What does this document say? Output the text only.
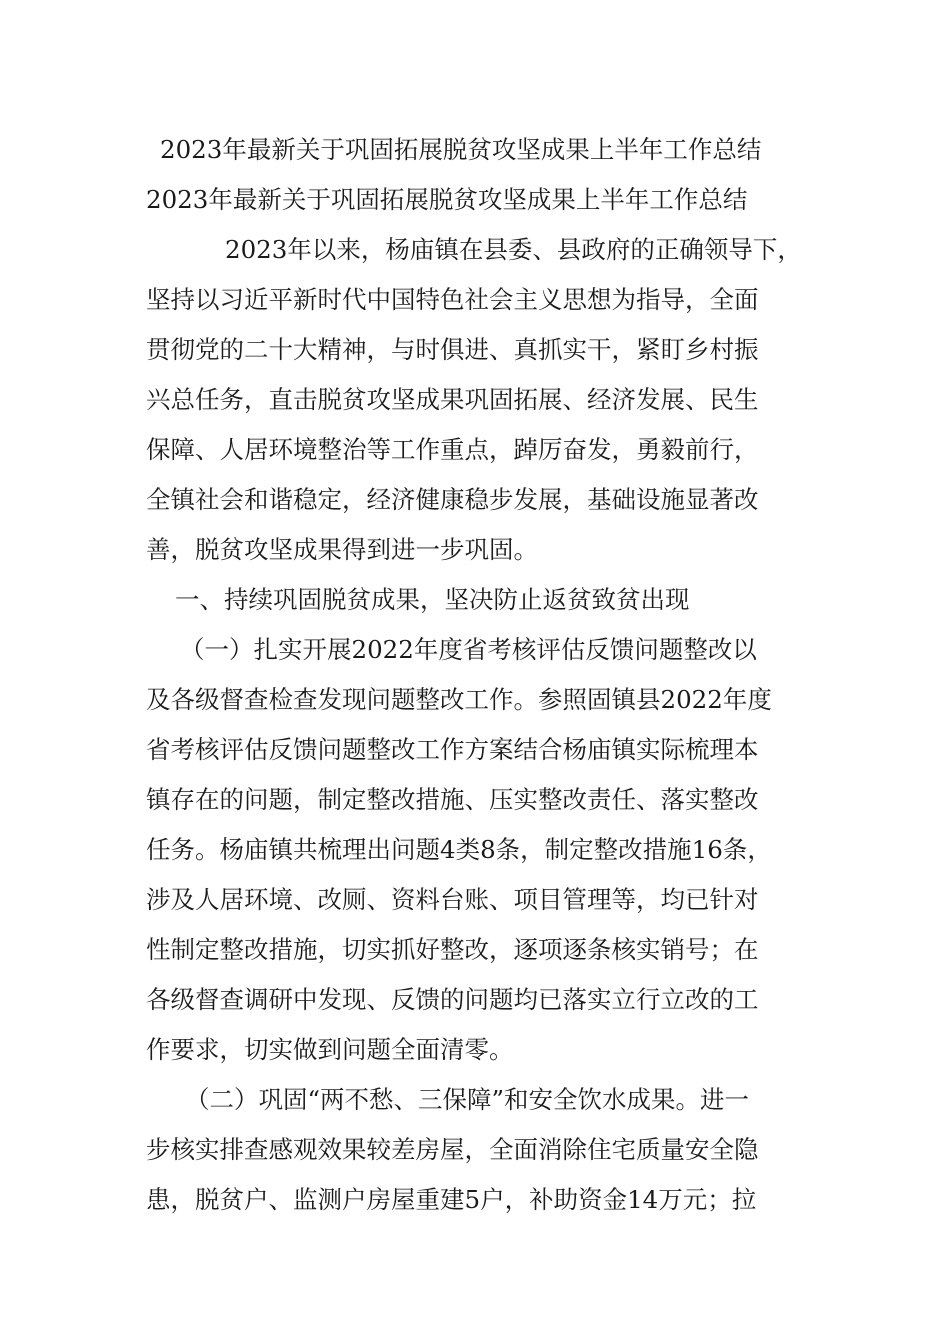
2023年最新关于巩固拓展脱贫攻坚成果上半年工作总结
2023年最新关于巩固拓展脱贫攻坚成果上半年工作总结
2023年以来，杨庙镇在县委、县政府的正确领导下，
坚持以习近平新时代中国特色社会主义思想为指导，全面
贯彻党的二十大精神，与时俱进、真抓实干，紧盯乡村振
兴总任务，直击脱贫攻坚成果巩固拓展、经济发展、民生
保障、人居环境整治等工作重点，踔厉奋发，勇毅前行，
全镇社会和谐稳定，经济健康稳步发展，基础设施显著改
善，脱贫攻坚成果得到进一步巩固。
一、持续巩固脱贫成果，坚决防止返贫致贫出现
（一）扎实开展2022年度省考核评估反馈问题整改以
及各级督查检查发现问题整改工作。参照固镇县2022年度
省考核评估反馈问题整改工作方案结合杨庙镇实际梳理本
镇存在的问题，制定整改措施、压实整改责任、落实整改
任务。杨庙镇共梳理出问题4类8条，制定整改措施16条，
涉及人居环境、改厕、资料台账、项目管理等，均已针对
性制定整改措施，切实抓好整改，逐项逐条核实销号；在
各级督查调研中发现、反馈的问题均已落实立行立改的工
作要求，切实做到问题全面清零。
（二）巩固“两不愁、三保障”和安全饮水成果。进一
步核实排查感观效果较差房屋，全面消除住宅质量安全隐
患，脱贫户、监测户房屋重建5户，补助资金14万元；拉
